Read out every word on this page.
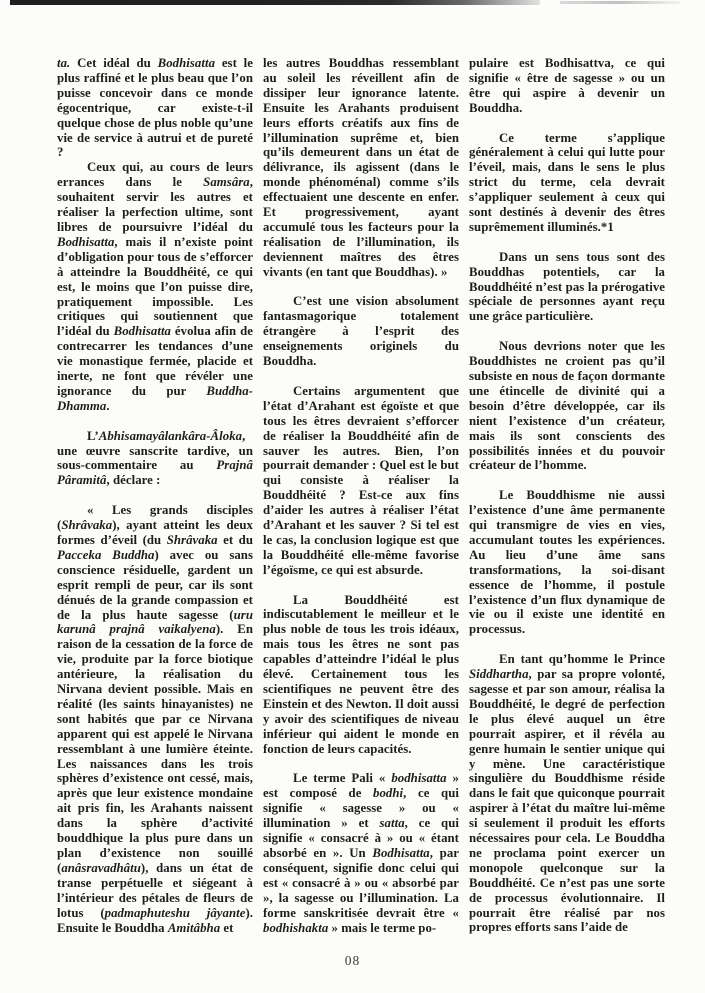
ta. Cet idéal du Bodhisatta est le plus raffiné et le plus beau que l’on puisse concevoir dans ce monde égocentrique, car existe-t-il quelque chose de plus noble qu’une vie de service à autrui et de pureté ?

Ceux qui, au cours de leurs errances dans le Samsâra, souhaitent servir les autres et réaliser la perfection ultime, sont libres de poursuivre l’idéal du Bodhisatta, mais il n’existe point d’obligation pour tous de s’efforcer à atteindre la Bouddhéité, ce qui est, le moins que l’on puisse dire, pratiquement impossible. Les critiques qui soutiennent que l’idéal du Bodhisatta évolua afin de contrecarrer les tendances d’une vie monastique fermée, placide et inerte, ne font que révéler une ignorance du pur Buddha-Dhamma.

L’Abhisamayâlankâra-Âloka, une œuvre sanscrite tardive, un sous-commentaire au Prajnâ Pâramitâ, déclare :

« Les grands disciples (Shrâvaka), ayant atteint les deux formes d’éveil (du Shrâvaka et du Pacceka Buddha) avec ou sans conscience résiduelle, gardent un esprit rempli de peur, car ils sont dénués de la grande compassion et de la plus haute sagesse (uru karunâ prajnâ vaikalyena). En raison de la cessation de la force de vie, produite par la force biotique antérieure, la réalisation du Nirvana devient possible. Mais en réalité (les saints hinayanistes) ne sont habités que par ce Nirvana apparent qui est appelé le Nirvana ressemblant à une lumière éteinte. Les naissances dans les trois sphères d’existence ont cessé, mais, après que leur existence mondaine ait pris fin, les Arahants naissent dans la sphère d’activité bouddhique la plus pure dans un plan d’existence non souillé (anâsravadhâtu), dans un état de transe perpétuelle et siégeant à l’intérieur des pétales de fleurs de lotus (padmaphuteshu jâyante). Ensuite le Bouddha Amitâbha et

les autres Bouddhas ressemblant au soleil les réveillent afin de dissiper leur ignorance latente. Ensuite les Arahants produisent leurs efforts créatifs aux fins de l’illumination suprême et, bien qu’ils demeurent dans un état de délivrance, ils agissent (dans le monde phénoménal) comme s’ils effectuaient une descente en enfer. Et progressivement, ayant accumulé tous les facteurs pour la réalisation de l’illumination, ils deviennent maîtres des êtres vivants (en tant que Bouddhas). »

C’est une vision absolument fantasmagorique totalement étrangère à l’esprit des enseignements originels du Bouddha.

Certains argumentent que l’état d’Arahant est égoïste et que tous les êtres devraient s’efforcer de réaliser la Bouddhéité afin de sauver les autres. Bien, l’on pourrait demander : Quel est le but qui consiste à réaliser la Bouddhéité ? Est-ce aux fins d’aider les autres à réaliser l’état d’Arahant et les sauver ? Si tel est le cas, la conclusion logique est que la Bouddhéité elle-même favorise l’égoïsme, ce qui est absurde.

La Bouddhéité est indiscutablement le meilleur et le plus noble de tous les trois idéaux, mais tous les êtres ne sont pas capables d’atteindre l’idéal le plus élevé. Certainement tous les scientifiques ne peuvent être des Einstein et des Newton. Il doit aussi y avoir des scientifiques de niveau inférieur qui aident le monde en fonction de leurs capacités.

Le terme Pali « bodhisatta » est composé de bodhi, ce qui signifie « sagesse » ou « illumination » et satta, ce qui signifie « consacré à » ou « étant absorbé en ». Un Bodhisatta, par conséquent, signifie donc celui qui est « consacré à » ou « absorbé par », la sagesse ou l’illumination. La forme sanskritisée devrait être « bodhishakta » mais le terme po-

pulaire est Bodhisattva, ce qui signifie « être de sagesse » ou un être qui aspire à devenir un Bouddha.

Ce terme s’applique généralement à celui qui lutte pour l’éveil, mais, dans le sens le plus strict du terme, cela devrait s’appliquer seulement à ceux qui sont destinés à devenir des êtres suprêmement illuminés.*1

Dans un sens tous sont des Bouddhas potentiels, car la Bouddhéité n’est pas la prérogative spéciale de personnes ayant reçu une grâce particulière.

Nous devrions noter que les Bouddhistes ne croient pas qu’il subsiste en nous de façon dormante une étincelle de divinité qui a besoin d’être développée, car ils nient l’existence d’un créateur, mais ils sont conscients des possibilités innées et du pouvoir créateur de l’homme.

Le Bouddhisme nie aussi l’existence d’une âme permanente qui transmigre de vies en vies, accumulant toutes les expériences. Au lieu d’une âme sans transformations, la soi-disant essence de l’homme, il postule l’existence d’un flux dynamique de vie ou il existe une identité en processus.

En tant qu’homme le Prince Siddhartha, par sa propre volonté, sagesse et par son amour, réalisa la Bouddhéité, le degré de perfection le plus élevé auquel un être pourrait aspirer, et il révéla au genre humain le sentier unique qui y mène. Une caractéristique singulière du Bouddhisme réside dans le fait que quiconque pourrait aspirer à l’état du maître lui-même si seulement il produit les efforts nécessaires pour cela. Le Bouddha ne proclama point exercer un monopole quelconque sur la Bouddhéité. Ce n’est pas une sorte de processus évolutionnaire. Il pourrait être réalisé par nos propres efforts sans l’aide de

08
